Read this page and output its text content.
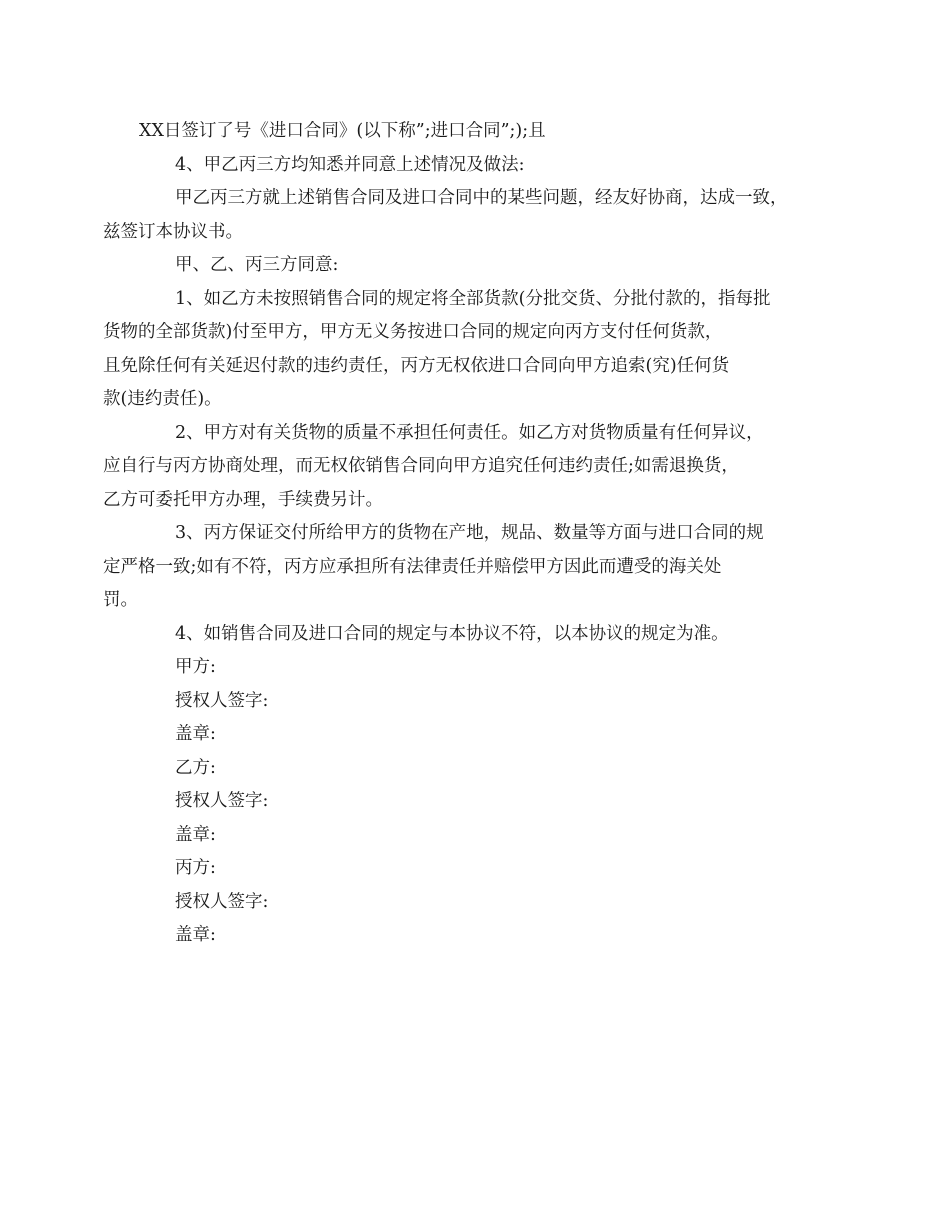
XX日签订了号《进口合同》(以下称”;进口合同”;);且

4、甲乙丙三方均知悉并同意上述情况及做法:

甲乙丙三方就上述销售合同及进口合同中的某些问题，经友好协商，达成一致，
兹签订本协议书。

甲、乙、丙三方同意:

1、如乙方未按照销售合同的规定将全部货款(分批交货、分批付款的，指每批
货物的全部货款)付至甲方，甲方无义务按进口合同的规定向丙方支付任何货款，
且免除任何有关延迟付款的违约责任，丙方无权依进口合同向甲方追索(究)任何货
款(违约责任)。

2、甲方对有关货物的质量不承担任何责任。如乙方对货物质量有任何异议，
应自行与丙方协商处理，而无权依销售合同向甲方追究任何违约责任;如需退换货，
乙方可委托甲方办理，手续费另计。

3、丙方保证交付所给甲方的货物在产地，规品、数量等方面与进口合同的规
定严格一致;如有不符，丙方应承担所有法律责任并赔偿甲方因此而遭受的海关处
罚。

4、如销售合同及进口合同的规定与本协议不符，以本协议的规定为准。

甲方:
授权人签字:
盖章:
乙方:
授权人签字:
盖章:
丙方:
授权人签字:
盖章:
